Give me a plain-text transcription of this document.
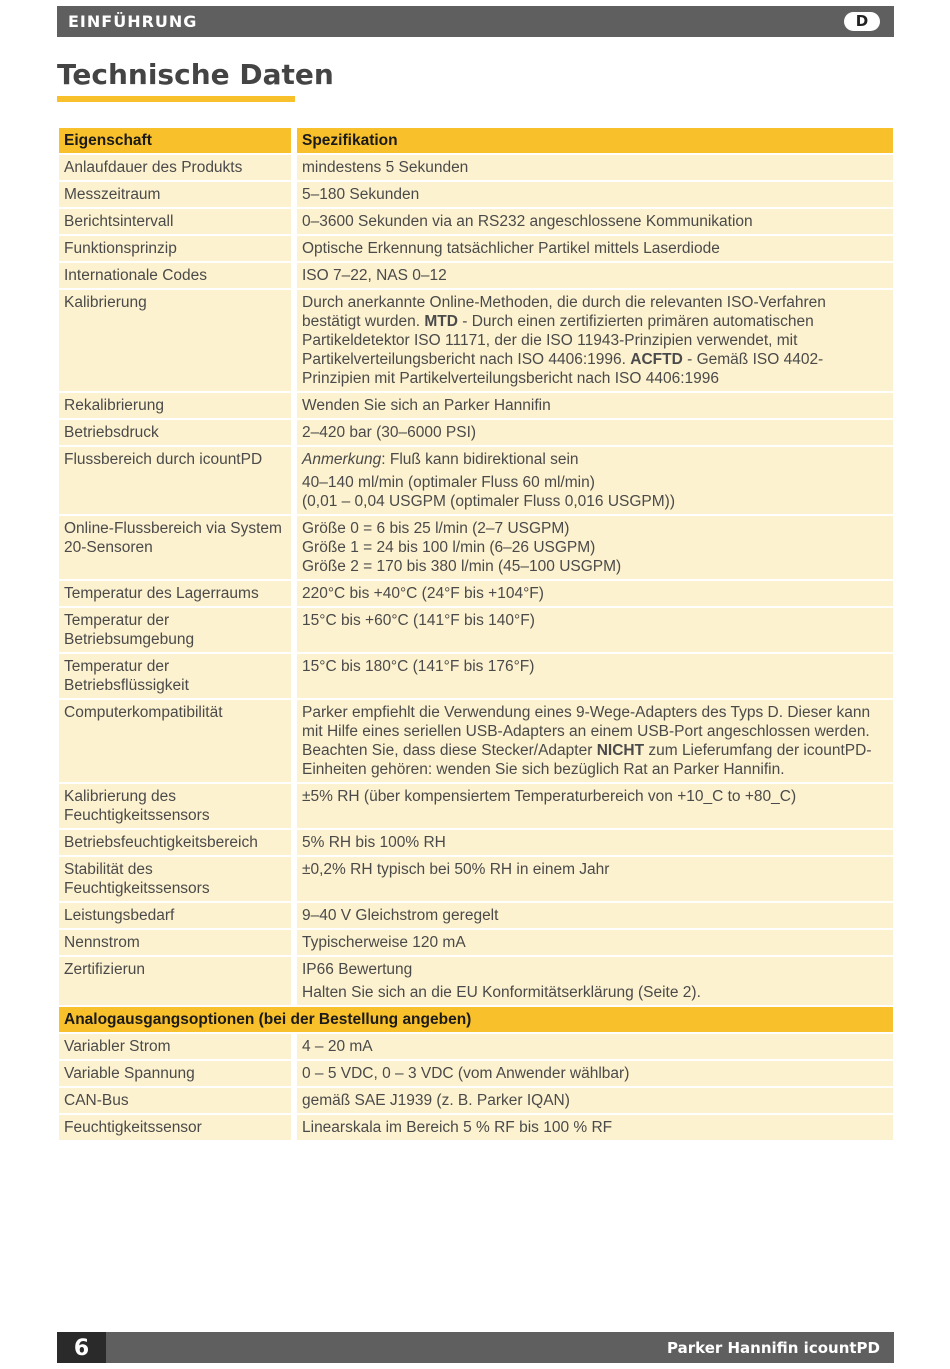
EINFÜHRUNG	D
Technische Daten
Eigenschaft	Spezifikation
Anlaufdauer des Produkts	mindestens 5 Sekunden
Messzeitraum	5–180 Sekunden
Berichtsintervall	0–3600 Sekunden via an RS232 angeschlossene Kommunikation
Funktionsprinzip	Optische Erkennung tatsächlicher Partikel mittels Laserdiode
Internationale Codes	ISO 7–22, NAS 0–12
Kalibrierung	Durch anerkannte Online-Methoden, die durch die relevanten ISO-Verfahren bestätigt wurden. MTD - Durch einen zertifizierten primären automatischen Partikeldetektor ISO 11171, der die ISO 11943-Prinzipien verwendet, mit Partikelverteilungsbericht nach ISO 4406:1996. ACFTD - Gemäß ISO 4402-Prinzipien mit Partikelverteilungsbericht nach ISO 4406:1996
Rekalibrierung	Wenden Sie sich an Parker Hannifin
Betriebsdruck	2–420 bar (30–6000 PSI)
Flussbereich durch icountPD	Anmerkung: Fluß kann bidirektional sein
40–140 ml/min (optimaler Fluss 60 ml/min)
(0,01 – 0,04 USGPM (optimaler Fluss 0,016 USGPM))

Online-Flussbereich via System 20-Sensoren	Größe 0 = 6 bis 25 l/min (2–7 USGPM)
Größe 1 = 24 bis 100 l/min (6–26 USGPM)
Größe 2 = 170 bis 380 l/min (45–100 USGPM)

Temperatur des Lagerraums	220°C bis +40°C (24°F bis +104°F)
Temperatur der Betriebsumgebung	15°C bis +60°C (141°F bis 140°F)
Temperatur der Betriebsflüssigkeit	15°C bis 180°C (141°F bis 176°F)
Computerkompatibilität	Parker empfiehlt die Verwendung eines 9-Wege-Adapters des Typs D. Dieser kann mit Hilfe eines seriellen USB-Adapters an einem USB-Port angeschlossen werden. Beachten Sie, dass diese Stecker/Adapter NICHT zum Lieferumfang der icountPD-Einheiten gehören: wenden Sie sich bezüglich Rat an Parker Hannifin.
Kalibrierung des Feuchtigkeitssensors	±5% RH (über kompensiertem Temperaturbereich von +10_C to +80_C)
Betriebsfeuchtigkeitsbereich	5% RH bis 100% RH
Stabilität des Feuchtigkeitssensors	±0,2% RH typisch bei 50% RH in einem Jahr
Leistungsbedarf	9–40 V Gleichstrom geregelt
Nennstrom	Typischerweise 120 mA
Zertifizierun	IP66 Bewertung
Halten Sie sich an die EU Konformitätserklärung (Seite 2).

Analogausgangsoptionen (bei der Bestellung angeben)	
Variabler Strom	4 – 20 mA
Variable Spannung	0 – 5 VDC, 0 – 3 VDC (vom Anwender wählbar)
CAN-Bus	gemäß SAE J1939 (z. B. Parker IQAN)
Feuchtigkeitssensor	Linearskala im Bereich 5 % RF bis 100 % RF
6	Parker Hannifin icountPD
